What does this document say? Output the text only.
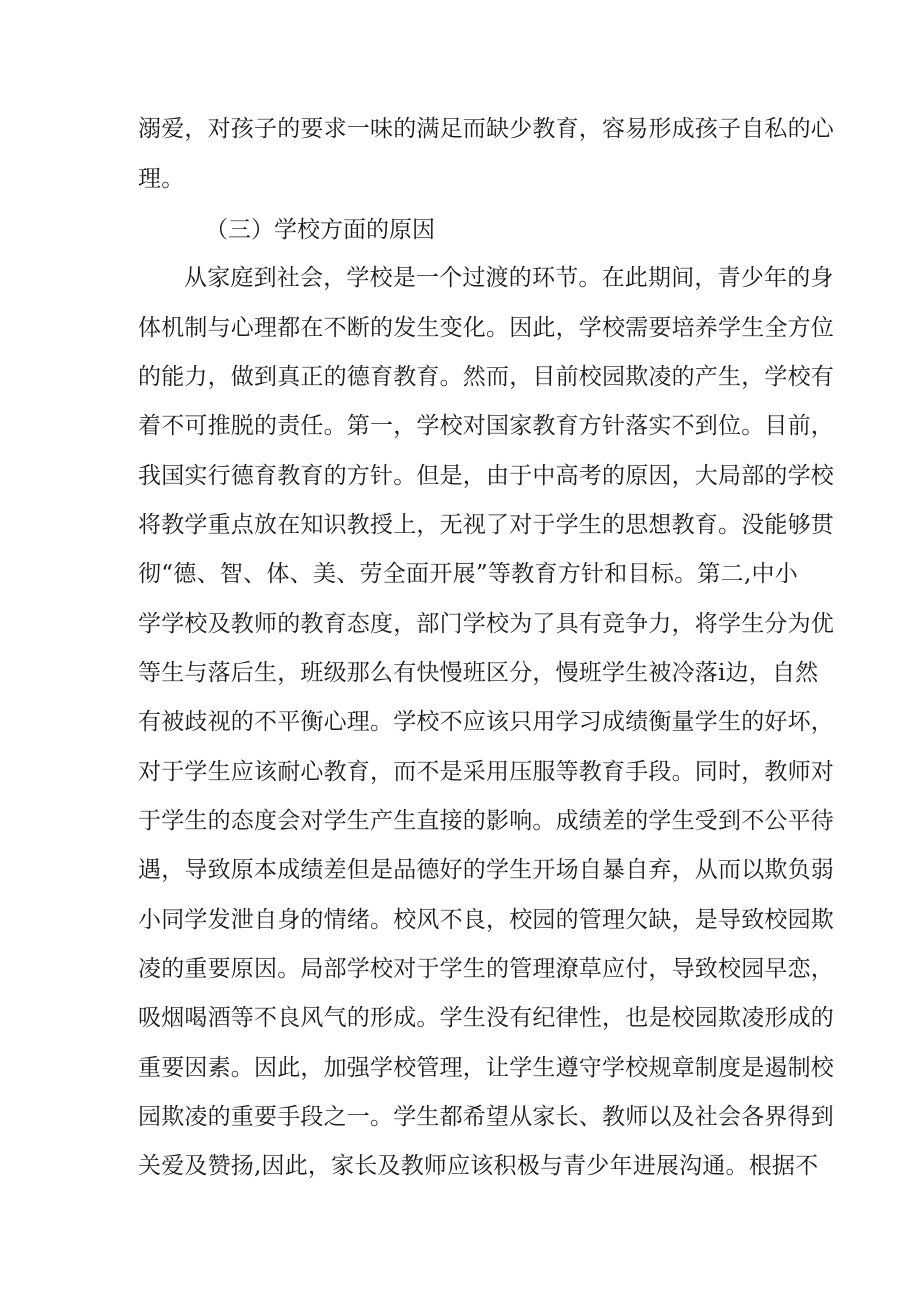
溺爱，对孩子的要求一味的满足而缺少教育，容易形成孩子自私的心
理。
（三）学校方面的原因
从家庭到社会，学校是一个过渡的环节。在此期间，青少年的身
体机制与心理都在不断的发生变化。因此，学校需要培养学生全方位
的能力，做到真正的德育教育。然而，目前校园欺凌的产生，学校有
着不可推脱的责任。第一，学校对国家教育方针落实不到位。目前，
我国实行德育教育的方针。但是，由于中高考的原因，大局部的学校
将教学重点放在知识教授上，无视了对于学生的思想教育。没能够贯
彻“德、智、体、美、劳全面开展”等教育方针和目标。第二,中小
学学校及教师的教育态度，部门学校为了具有竞争力，将学生分为优
等生与落后生，班级那么有快慢班区分，慢班学生被冷落i边，自然
有被歧视的不平衡心理。学校不应该只用学习成绩衡量学生的好坏，
对于学生应该耐心教育，而不是采用压服等教育手段。同时，教师对
于学生的态度会对学生产生直接的影响。成绩差的学生受到不公平待
遇，导致原本成绩差但是品德好的学生开场自暴自弃，从而以欺负弱
小同学发泄自身的情绪。校风不良，校园的管理欠缺，是导致校园欺
凌的重要原因。局部学校对于学生的管理潦草应付，导致校园早恋，
吸烟喝酒等不良风气的形成。学生没有纪律性，也是校园欺凌形成的
重要因素。因此，加强学校管理，让学生遵守学校规章制度是遏制校
园欺凌的重要手段之一。学生都希望从家长、教师以及社会各界得到
关爱及赞扬,因此，家长及教师应该积极与青少年进展沟通。根据不
